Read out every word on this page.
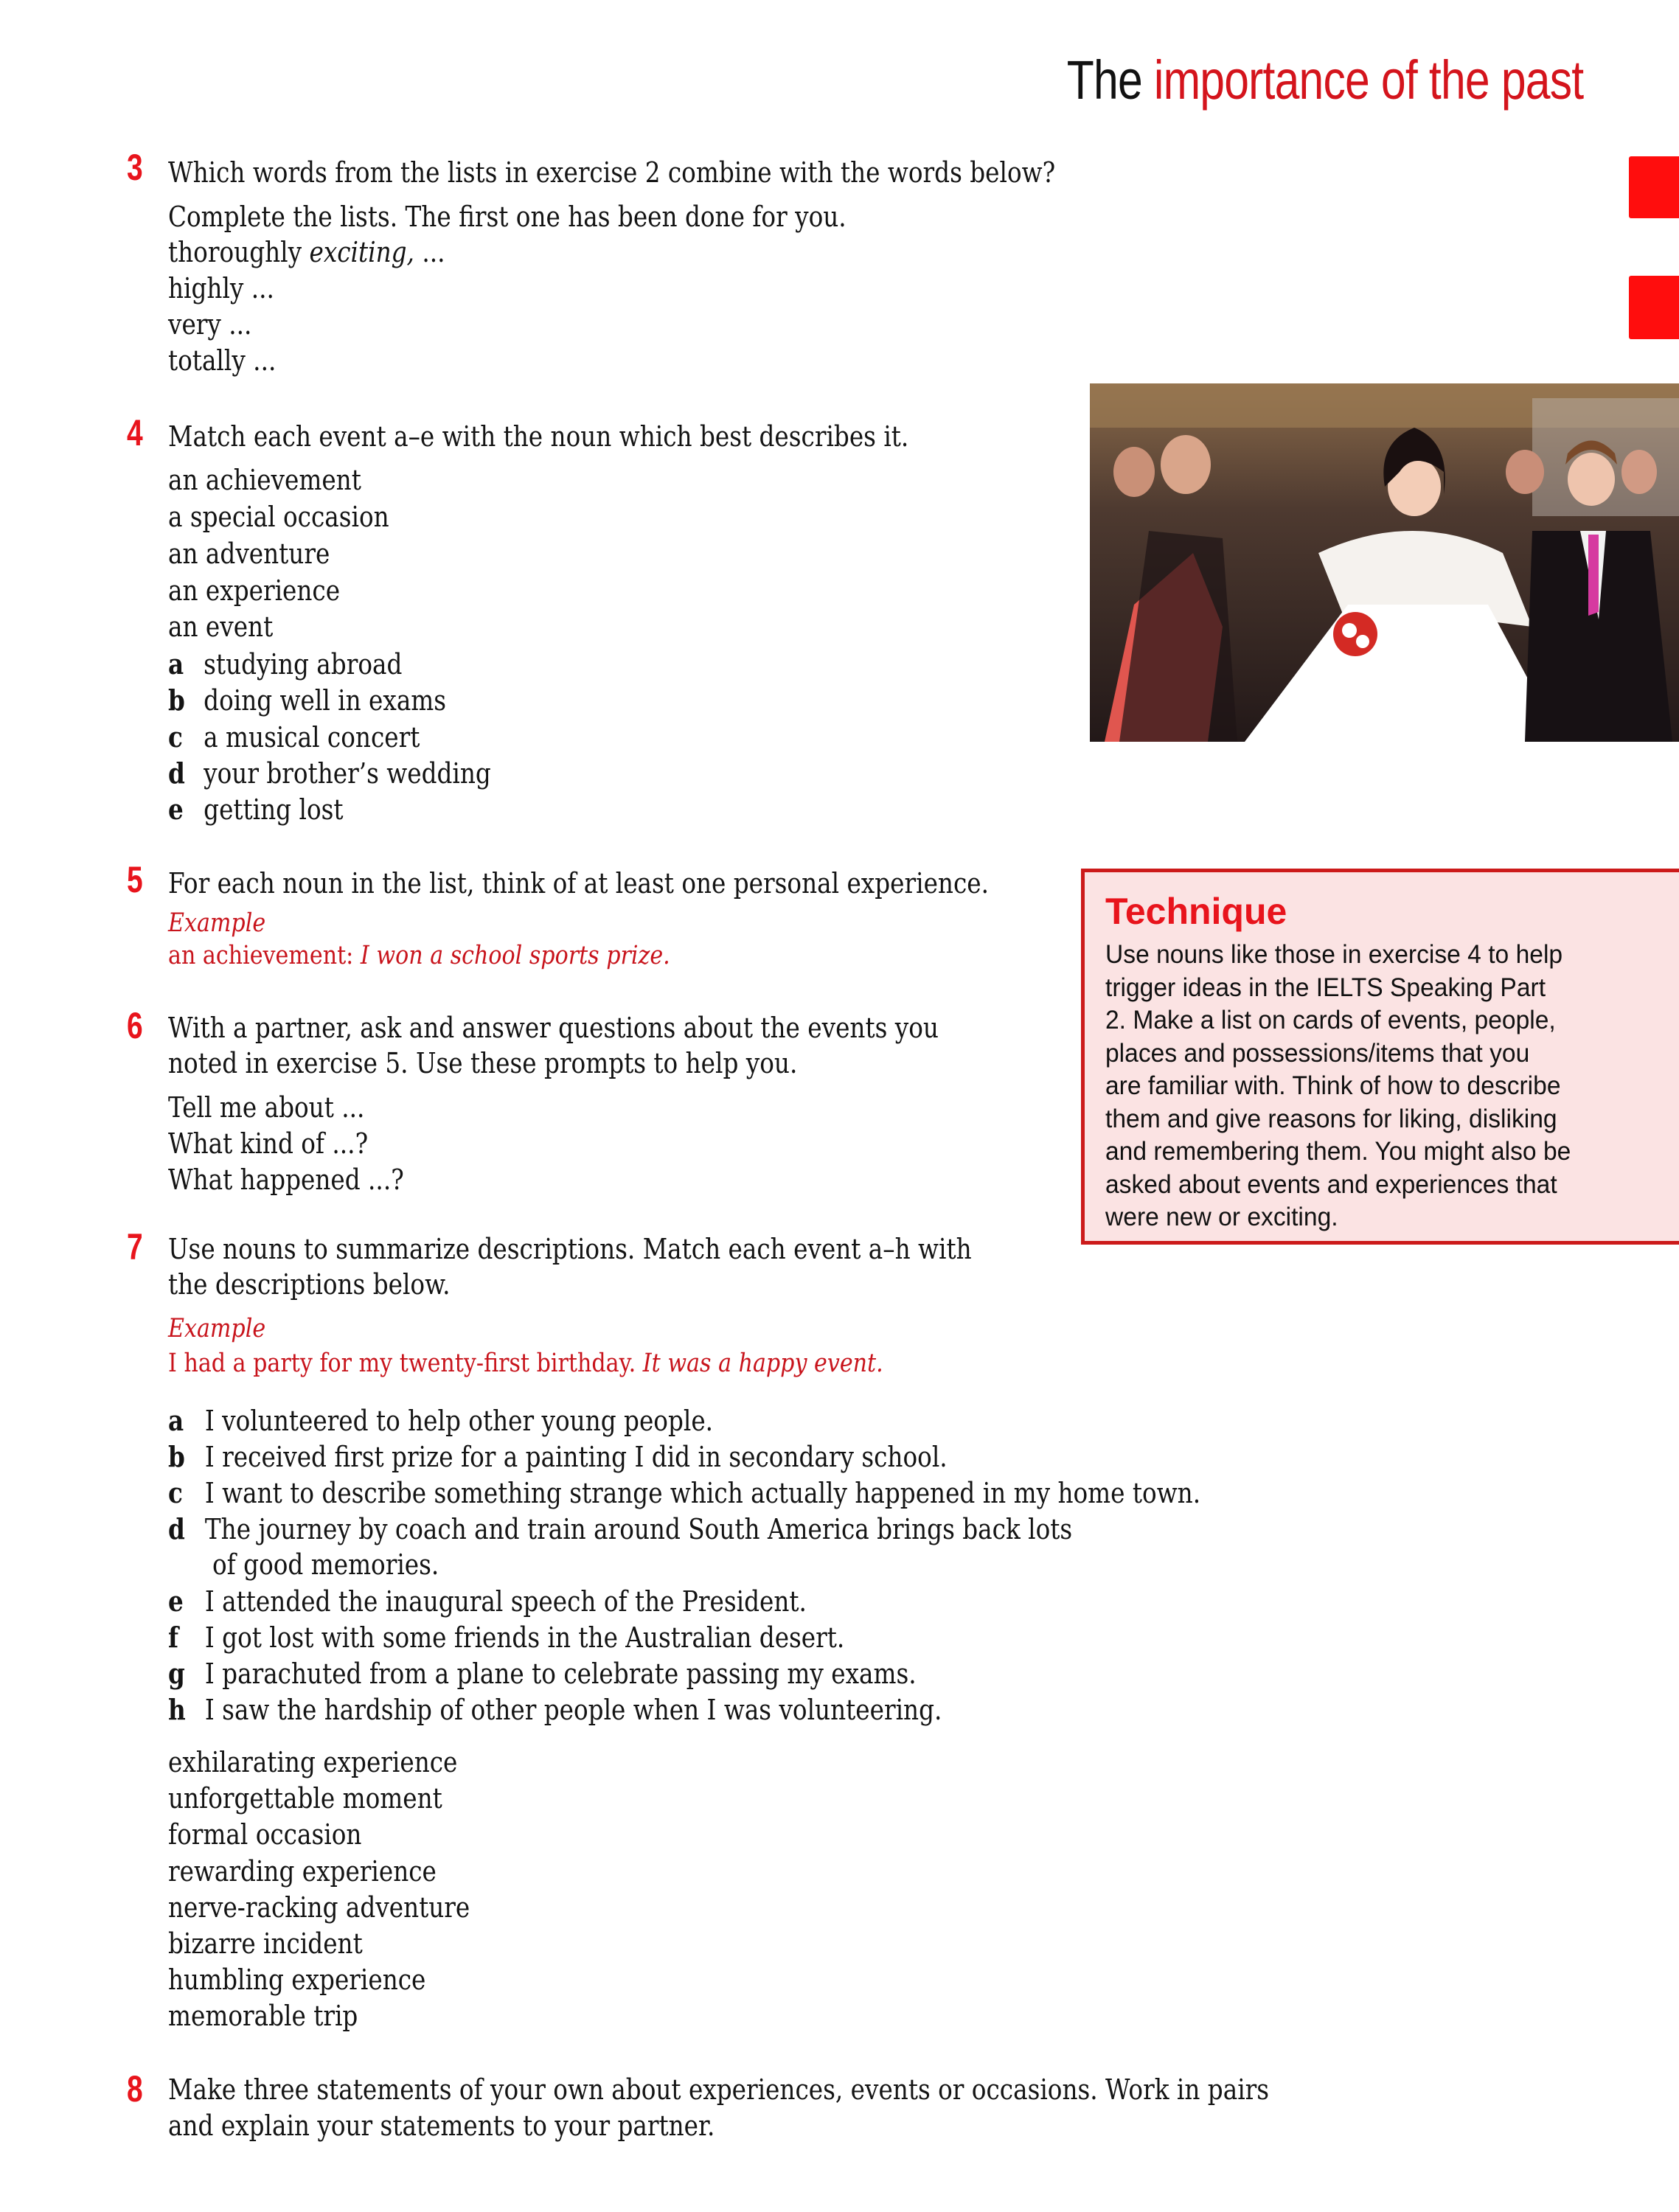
The importance of the past
3 Which words from the lists in exercise 2 combine with the words below?
Complete the lists. The first one has been done for you.
thoroughly exciting, ...
highly ...
very ...
totally ...
4 Match each event a–e with the noun which best describes it.
an achievement
a special occasion
an adventure
an experience
an event
a studying abroad
b doing well in exams
c a musical concert
d your brother’s wedding
e getting lost
5 For each noun in the list, think of at least one personal experience.
Example
an achievement: I won a school sports prize.
6 With a partner, ask and answer questions about the events you
noted in exercise 5. Use these prompts to help you.
Tell me about ...
What kind of ...?
What happened ...?
Technique
Use nouns like those in exercise 4 to help
trigger ideas in the IELTS Speaking Part
2. Make a list on cards of events, people,
places and possessions/items that you
are familiar with. Think of how to describe
them and give reasons for liking, disliking
and remembering them. You might also be
asked about events and experiences that
were new or exciting.
7 Use nouns to summarize descriptions. Match each event a–h with
the descriptions below.
Example
I had a party for my twenty-first birthday. It was a happy event.
a I volunteered to help other young people.
b I received first prize for a painting I did in secondary school.
c I want to describe something strange which actually happened in my home town.
d The journey by coach and train around South America brings back lots
of good memories.
e I attended the inaugural speech of the President.
f I got lost with some friends in the Australian desert.
g I parachuted from a plane to celebrate passing my exams.
h I saw the hardship of other people when I was volunteering.
exhilarating experience
unforgettable moment
formal occasion
rewarding experience
nerve-racking adventure
bizarre incident
humbling experience
memorable trip
8 Make three statements of your own about experiences, events or occasions. Work in pairs
and explain your statements to your partner.
